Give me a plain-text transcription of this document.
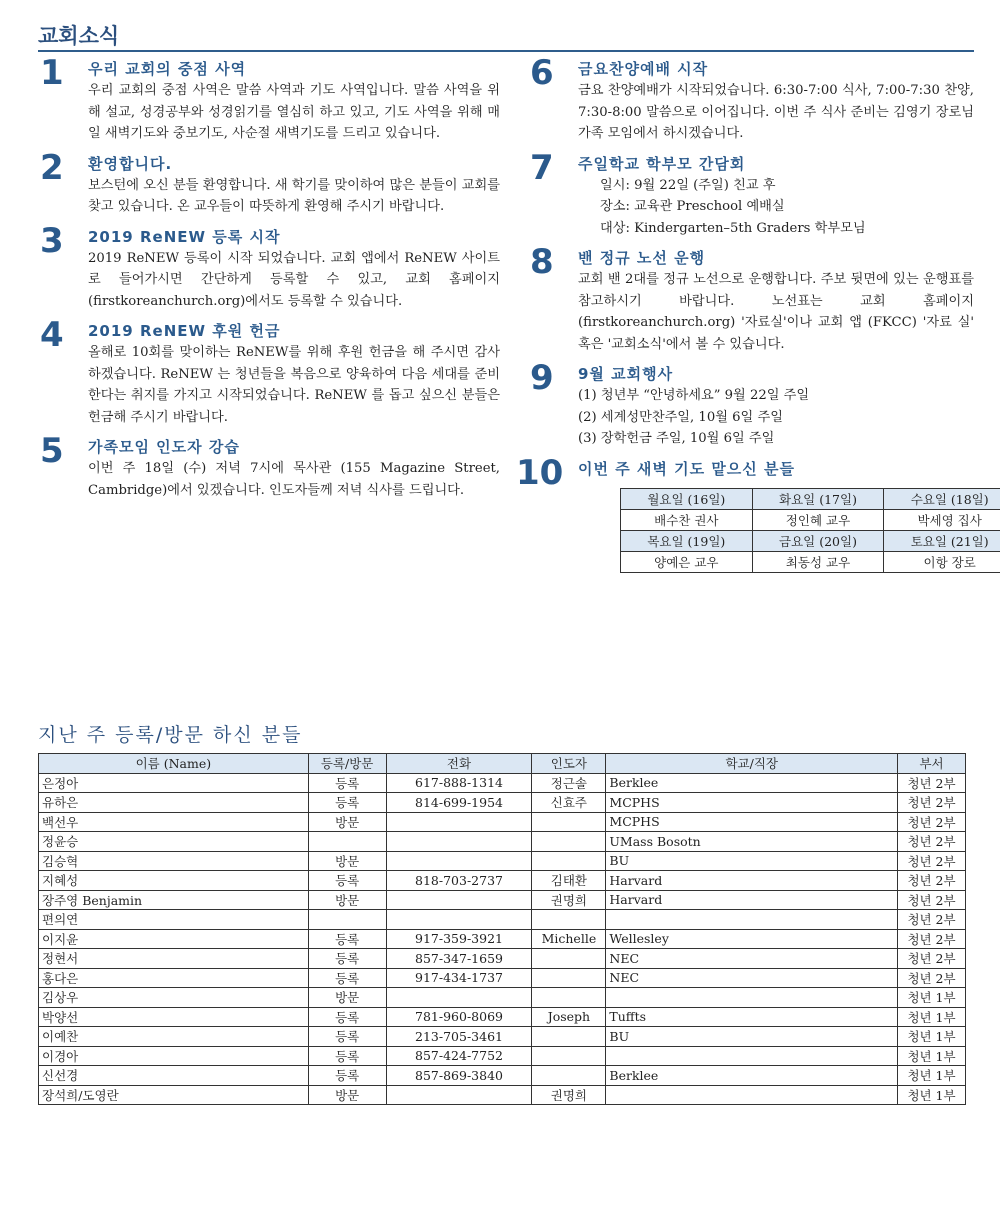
교회소식
1 우리 교회의 중점 사역
우리 교회의 중점 사역은 말씀 사역과 기도 사역입니다. 말씀 사역을 위해 설교, 성경공부와 성경읽기를 열심히 하고 있고, 기도 사역을 위해 매일 새벽기도와 중보기도, 사순절 새벽기도를 드리고 있습니다.
2 환영합니다.
보스턴에 오신 분들 환영합니다. 새 학기를 맞이하여 많은 분들이 교회를 찾고 있습니다. 온 교우들이 따뜻하게 환영해 주시기 바랍니다.
3 2019 ReNEW 등록 시작
2019 ReNEW 등록이 시작 되었습니다. 교회 앱에서 ReNEW 사이트로 들어가시면 간단하게 등록할 수 있고, 교회 홈페이지 (firstkoreanchurch.org)에서도 등록할 수 있습니다.
4 2019 ReNEW 후원 헌금
올해로 10회를 맞이하는 ReNEW를 위해 후원 헌금을 해 주시면 감사하겠습니다. ReNEW 는 청년들을 복음으로 양육하여 다음 세대를 준비한다는 취지를 가지고 시작되었습니다. ReNEW 를 돕고 싶으신 분들은 헌금해 주시기 바랍니다.
5 가족모임 인도자 강습
이번 주 18일 (수) 저녁 7시에 목사관 (155 Magazine Street, Cambridge)에서 있겠습니다. 인도자들께 저녁 식사를 드립니다.
6 금요찬양예배 시작
금요 찬양예배가 시작되었습니다. 6:30-7:00 식사, 7:00-7:30 찬양, 7:30-8:00 말씀으로 이어집니다. 이번 주 식사 준비는 김영기 장로님 가족 모임에서 하시겠습니다.
7 주일학교 학부모 간담회
일시: 9월 22일 (주일) 친교 후
장소: 교육관 Preschool 예배실
대상: Kindergarten–5th Graders 학부모님
8 밴 정규 노선 운행
교회 밴 2대를 정규 노선으로 운행합니다. 주보 뒷면에 있는 운행표를 참고하시기 바랍니다. 노선표는 교회 홈페이지(firstkoreanchurch.org) '자료실'이나 교회 앱 (FKCC) '자료 실' 혹은 '교회소식'에서 볼 수 있습니다.
9 9월 교회행사
(1) 청년부 “안녕하세요” 9월 22일 주일
(2) 세계성만찬주일, 10월 6일 주일
(3) 장학헌금 주일, 10월 6일 주일
10 이번 주 새벽 기도 맡으신 분들
월요일 (16일)	화요일 (17일)	수요일 (18일)
배수찬 권사	정인혜 교우	박세영 집사
목요일 (19일)	금요일 (20일)	토요일 (21일)
양예은 교우	최동성 교우	이항 장로
지난 주 등록/방문 하신 분들
이름 (Name)	등록/방문	전화	인도자	학교/직장	부서
은정아	등록	617-888-1314	정근솔	Berklee	청년 2부
유하은	등록	814-699-1954	신효주	MCPHS	청년 2부
백선우	방문			MCPHS	청년 2부
정윤승				UMass Bosotn	청년 2부
김승혁	방문			BU	청년 2부
지혜성	등록	818-703-2737	김태환	Harvard	청년 2부
장주영 Benjamin	방문		권명희	Harvard	청년 2부
편의연					청년 2부
이지윤	등록	917-359-3921	Michelle	Wellesley	청년 2부
정현서	등록	857-347-1659		NEC	청년 2부
홍다은	등록	917-434-1737		NEC	청년 2부
김상우	방문				청년 1부
박양선	등록	781-960-8069	Joseph	Tuffts	청년 1부
이예찬	등록	213-705-3461		BU	청년 1부
이경아	등록	857-424-7752			청년 1부
신선경	등록	857-869-3840		Berklee	청년 1부
장석희/도영란	방문		권명희		청년 1부
